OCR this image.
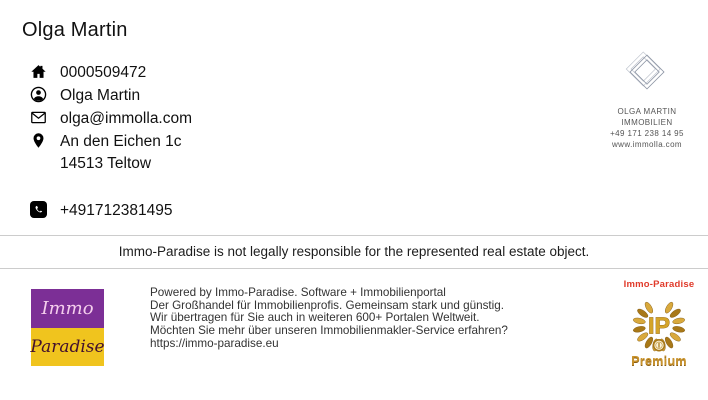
Olga Martin
0000509472
Olga Martin
olga@immolla.com
An den Eichen 1c
14513 Teltow
+491712381495
OLGA MARTIN
IMMOBILIEN
+49 171 238 14 95
www.immolla.com
Immo-Paradise is not legally responsible for the represented real estate object.
Immo
Paradise
Powered by Immo-Paradise. Software + Immobilienportal
Der Großhandel für Immobilienprofis. Gemeinsam stark und günstig.
Wir übertragen für Sie auch in weiteren 600+ Portalen Weltweit.
Möchten Sie mehr über unseren Immobilienmakler-Service erfahren?
https://immo-paradise.eu
Immo-Paradise
IP
Premium
